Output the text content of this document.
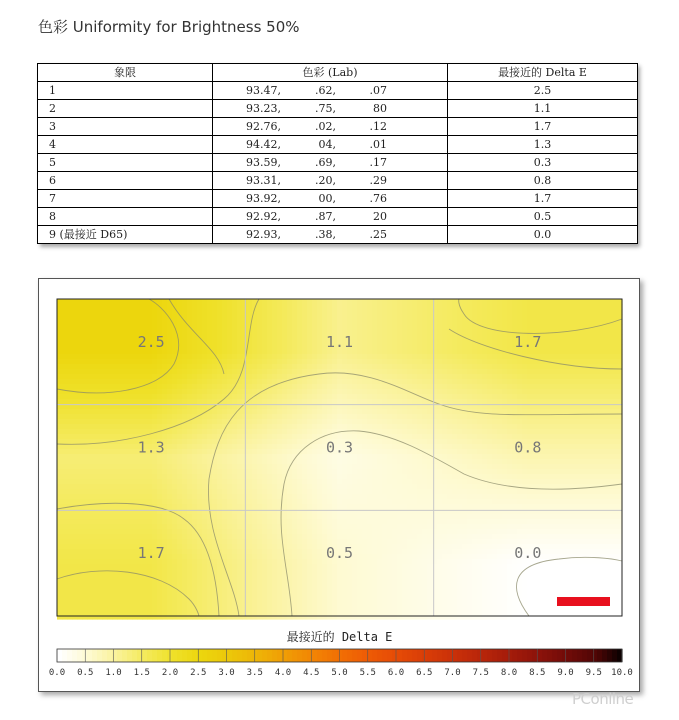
色彩 Uniformity for Brightness 50%
象限	色彩 (Lab)	最接近的 Delta E
1	93.47, .62, .07	2.5
2	93.23, .75, 80	1.1
3	92.76, .02, .12	1.7
4	94.42, 04, .01	1.3
5	93.59, .69, .17	0.3
6	93.31, .20, .29	0.8
7	93.92, 00, .76	1.7
8	92.92, .87, 20	0.5
9 (最接近 D65)	92.93, .38, .25	0.0
2.5	1.1	1.7
1.3	0.3	0.8
1.7	0.5	0.0
最接近的 Delta E
0.0 0.5 1.0 1.5 2.0 2.5 3.0 3.5 4.0 4.5 5.0 5.5 6.0 6.5 7.0 7.5 8.0 8.5 9.0 9.5 10.0
PConline
